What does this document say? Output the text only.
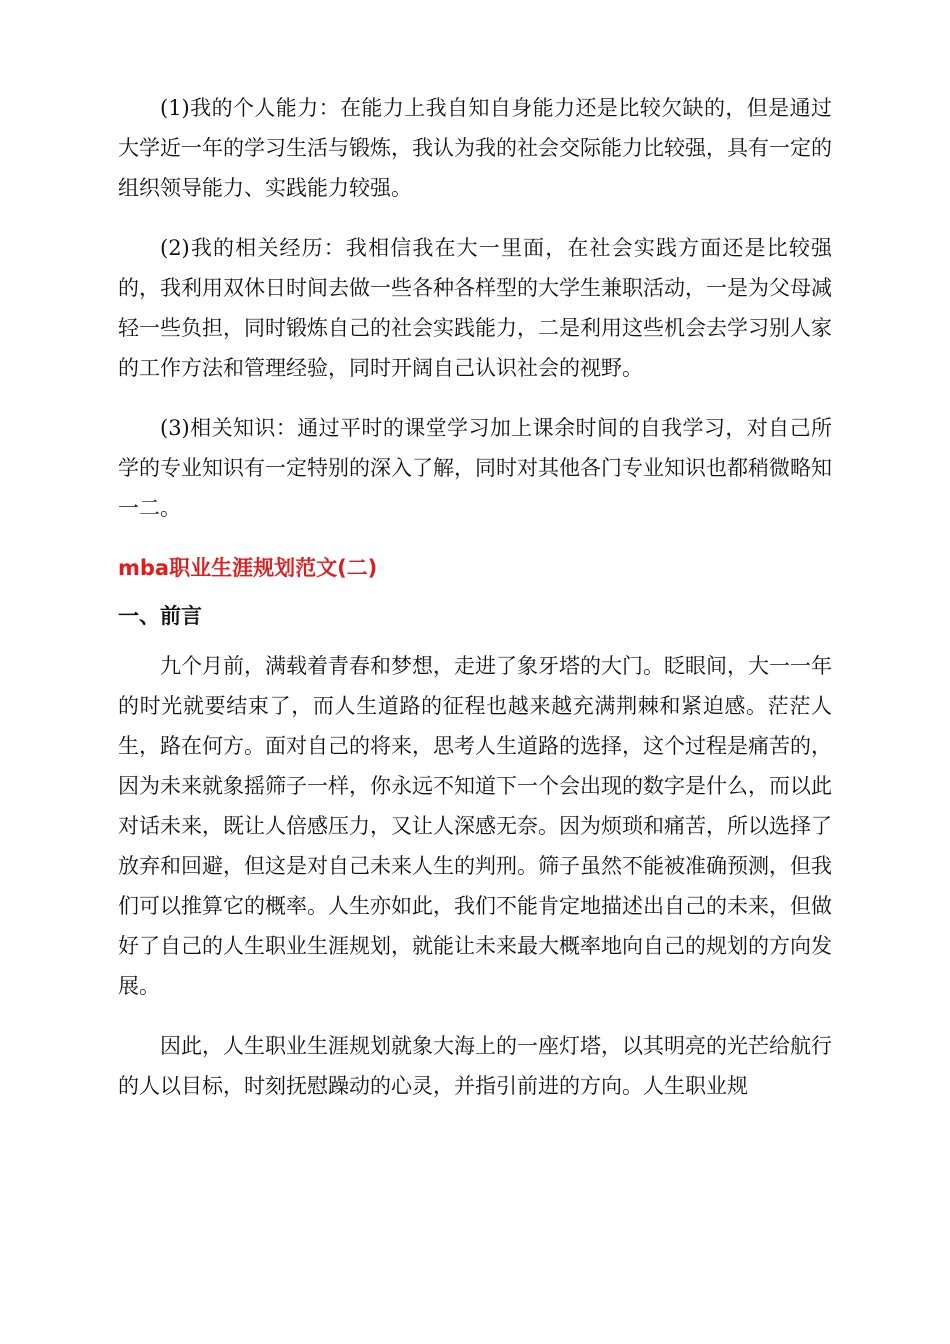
(1)我的个人能力：在能力上我自知自身能力还是比较欠缺的，但是通过大学近一年的学习生活与锻炼，我认为我的社会交际能力比较强，具有一定的组织领导能力、实践能力较强。

(2)我的相关经历：我相信我在大一里面，在社会实践方面还是比较强的，我利用双休日时间去做一些各种各样型的大学生兼职活动，一是为父母减轻一些负担，同时锻炼自己的社会实践能力，二是利用这些机会去学习别人家的工作方法和管理经验，同时开阔自己认识社会的视野。

(3)相关知识：通过平时的课堂学习加上课余时间的自我学习，对自己所学的专业知识有一定特别的深入了解，同时对其他各门专业知识也都稍微略知一二。

mba职业生涯规划范文(二)
一、前言

九个月前，满载着青春和梦想，走进了象牙塔的大门。眨眼间，大一一年的时光就要结束了，而人生道路的征程也越来越充满荆棘和紧迫感。茫茫人生，路在何方。面对自己的将来，思考人生道路的选择，这个过程是痛苦的，因为未来就象摇筛子一样，你永远不知道下一个会出现的数字是什么，而以此对话未来，既让人倍感压力，又让人深感无奈。因为烦琐和痛苦，所以选择了放弃和回避，但这是对自己未来人生的判刑。筛子虽然不能被准确预测，但我们可以推算它的概率。人生亦如此，我们不能肯定地描述出自己的未来，但做好了自己的人生职业生涯规划，就能让未来最大概率地向自己的规划的方向发展。

因此，人生职业生涯规划就象大海上的一座灯塔，以其明亮的光芒给航行的人以目标，时刻抚慰躁动的心灵，并指引前进的方向。人生职业规
